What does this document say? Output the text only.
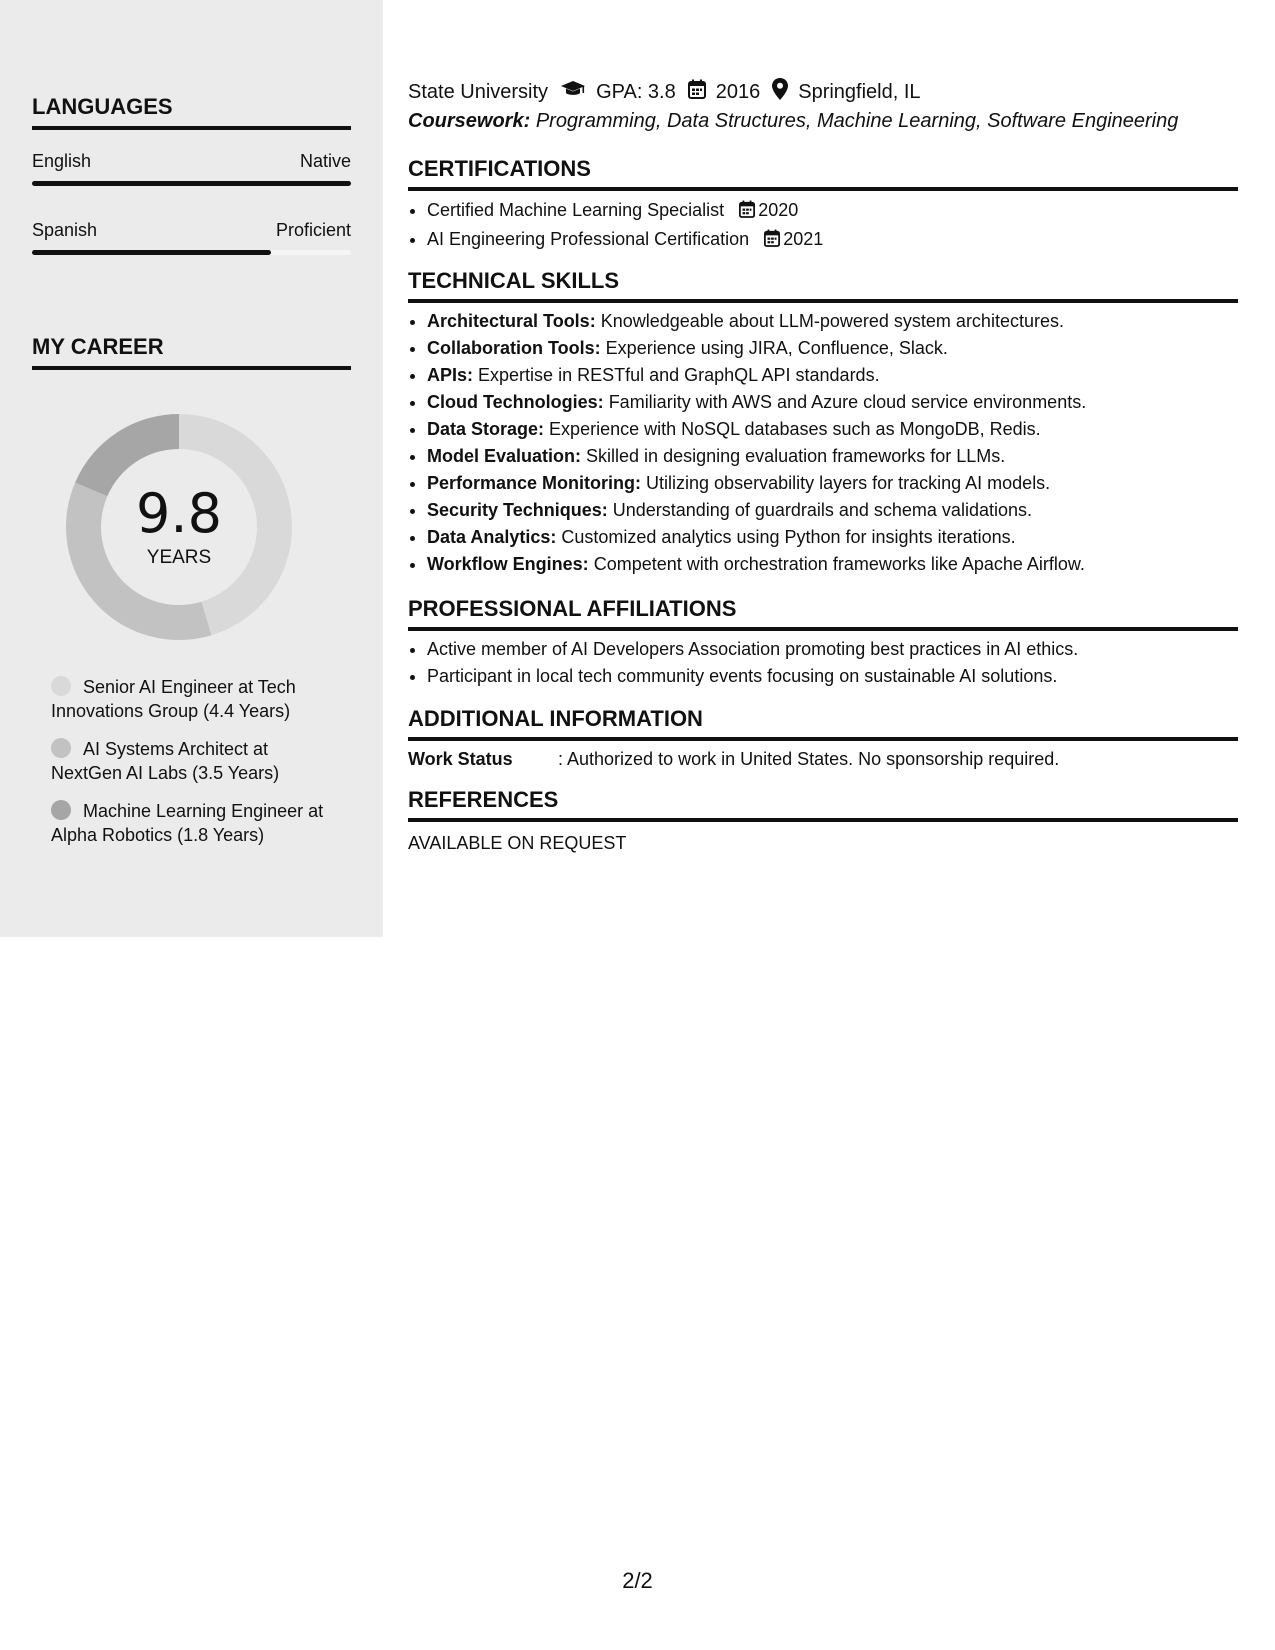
LANGUAGES
English	Native
Spanish	Proficient
MY CAREER
9.8
YEARS
Senior AI Engineer at Tech Innovations Group (4.4 Years)
AI Systems Architect at NextGen AI Labs (3.5 Years)
Machine Learning Engineer at Alpha Robotics (1.8 Years)
State University GPA: 3.8 2016 Springfield, IL
Coursework: Programming, Data Structures, Machine Learning, Software Engineering
CERTIFICATIONS
• Certified Machine Learning Specialist 2020
• AI Engineering Professional Certification 2021
TECHNICAL SKILLS
• Architectural Tools: Knowledgeable about LLM-powered system architectures.
• Collaboration Tools: Experience using JIRA, Confluence, Slack.
• APIs: Expertise in RESTful and GraphQL API standards.
• Cloud Technologies: Familiarity with AWS and Azure cloud service environments.
• Data Storage: Experience with NoSQL databases such as MongoDB, Redis.
• Model Evaluation: Skilled in designing evaluation frameworks for LLMs.
• Performance Monitoring: Utilizing observability layers for tracking AI models.
• Security Techniques: Understanding of guardrails and schema validations.
• Data Analytics: Customized analytics using Python for insights iterations.
• Workflow Engines: Competent with orchestration frameworks like Apache Airflow.
PROFESSIONAL AFFILIATIONS
• Active member of AI Developers Association promoting best practices in AI ethics.
• Participant in local tech community events focusing on sustainable AI solutions.
ADDITIONAL INFORMATION
Work Status	: Authorized to work in United States. No sponsorship required.
REFERENCES
AVAILABLE ON REQUEST
2/2
